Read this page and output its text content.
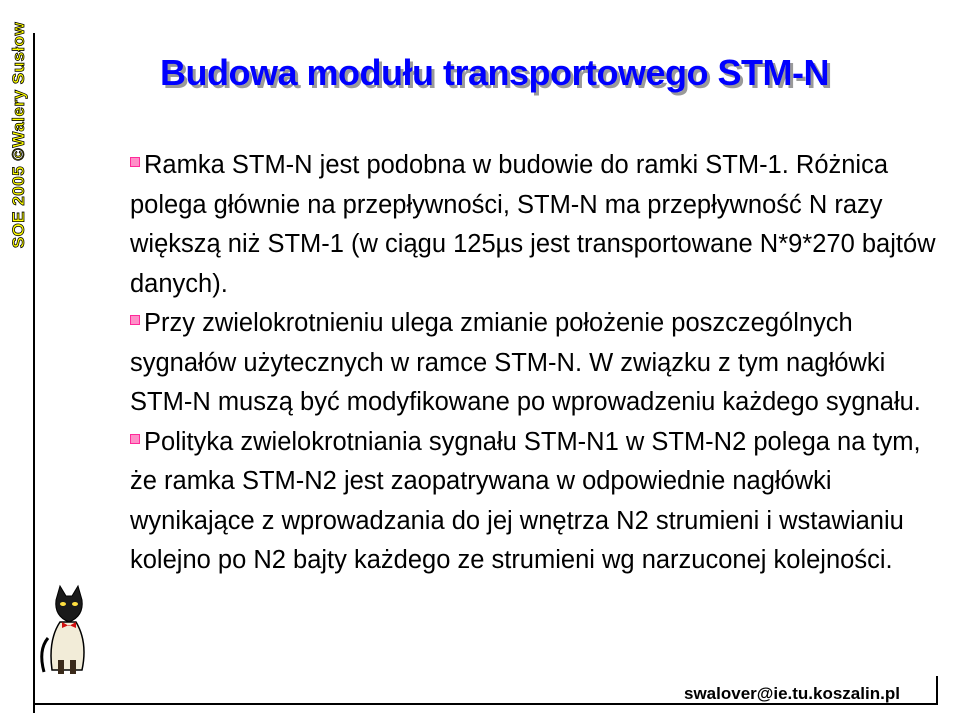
SOE 2005 ©Walery Susłow	Budowa modułu transportowego STM-N

Ramka STM-N jest podobna w budowie do ramki STM-1. Różnica polega głównie na przepływności, STM-N ma przepływność N razy większą niż STM-1 (w ciągu 125µs jest transportowane N*9*270 bajtów danych).

Przy zwielokrotnieniu ulega zmianie położenie poszczególnych sygnałów użytecznych w ramce STM-N. W związku z tym nagłówki STM-N muszą być modyfikowane po wprowadzeniu każdego sygnału.

Polityka zwielokrotniania sygnału STM-N1 w STM-N2 polega na tym, że ramka STM-N2 jest zaopatrywana w odpowiednie nagłówki wynikające z wprowadzania do jej wnętrza N2 strumieni i wstawianiu kolejno po N2 bajty każdego ze strumieni wg narzuconej kolejności.

swalover@ie.tu.koszalin.pl
